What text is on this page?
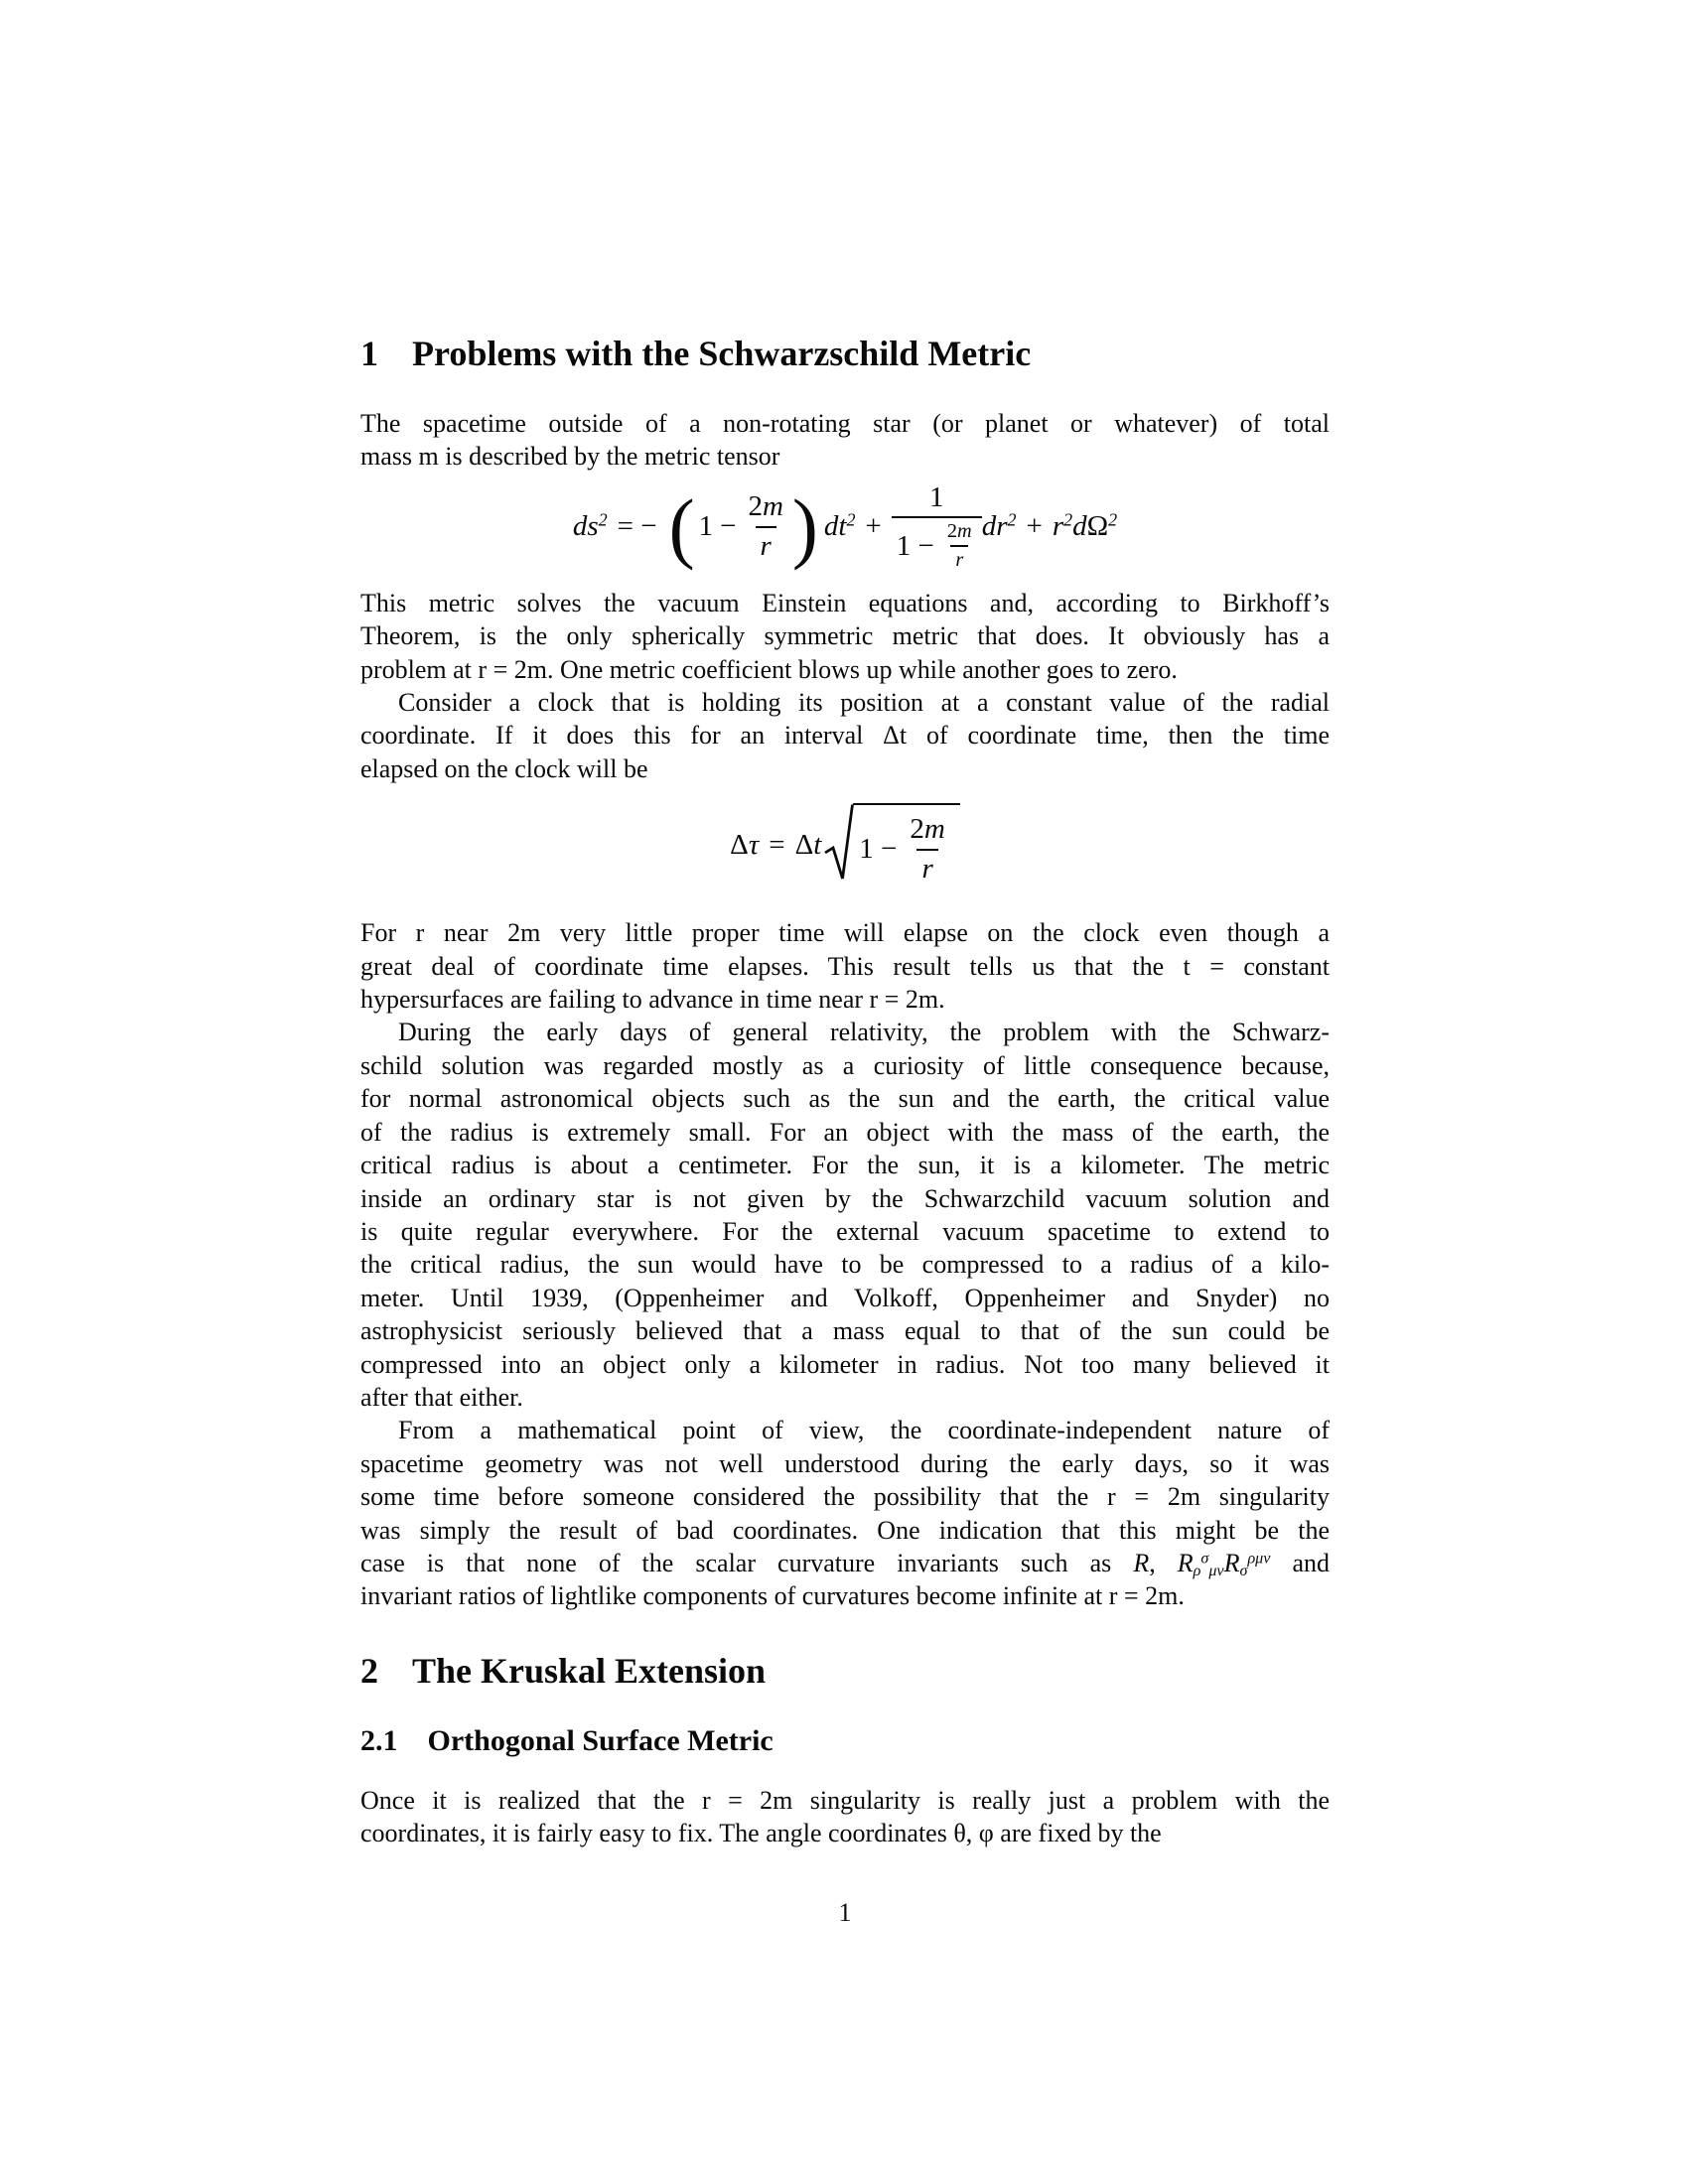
1 Problems with the Schwarzschild Metric
The spacetime outside of a non-rotating star (or planet or whatever) of total
mass m is described by the metric tensor
$ds^2$ = − ( $1 - \frac{2m}{r}$ ) $dt^2 + \frac{1}{1 - \frac{2m}{r}} dr^2 + r^2d\Omega^2$
This metric solves the vacuum Einstein equations and, according to Birkhoff’s
Theorem, is the only spherically symmetric metric that does. It obviously has a
problem at r = 2m. One metric coefficient blows up while another goes to zero.
Consider a clock that is holding its position at a constant value of the radial
coordinate. If it does this for an interval Δt of coordinate time, then the time
elapsed on the clock will be
Δτ = Δt $1 - \frac{2m}{r}$
For r near 2m very little proper time will elapse on the clock even though a
great deal of coordinate time elapses. This result tells us that the t = constant
hypersurfaces are failing to advance in time near r = 2m.
During the early days of general relativity, the problem with the Schwarz-
schild solution was regarded mostly as a curiosity of little consequence because,
for normal astronomical objects such as the sun and the earth, the critical value
of the radius is extremely small. For an object with the mass of the earth, the
critical radius is about a centimeter. For the sun, it is a kilometer. The metric
inside an ordinary star is not given by the Schwarzchild vacuum solution and
is quite regular everywhere. For the external vacuum spacetime to extend to
the critical radius, the sun would have to be compressed to a radius of a kilo-
meter. Until 1939, (Oppenheimer and Volkoff, Oppenheimer and Snyder) no
astrophysicist seriously believed that a mass equal to that of the sun could be
compressed into an object only a kilometer in radius. Not too many believed it
after that either.
From a mathematical point of view, the coordinate-independent nature of
spacetime geometry was not well understood during the early days, so it was
some time before someone considered the possibility that the r = 2m singularity
was simply the result of bad coordinates. One indication that this might be the
case is that none of the scalar curvature invariants such as R, $R_\rho^\sigma_{\mu\nu}R_\sigma^{\rho\mu\nu}$ and
invariant ratios of lightlike components of curvatures become infinite at r = 2m.
2 The Kruskal Extension
2.1 Orthogonal Surface Metric
Once it is realized that the r = 2m singularity is really just a problem with the
coordinates, it is fairly easy to fix. The angle coordinates θ, φ are fixed by the
1
